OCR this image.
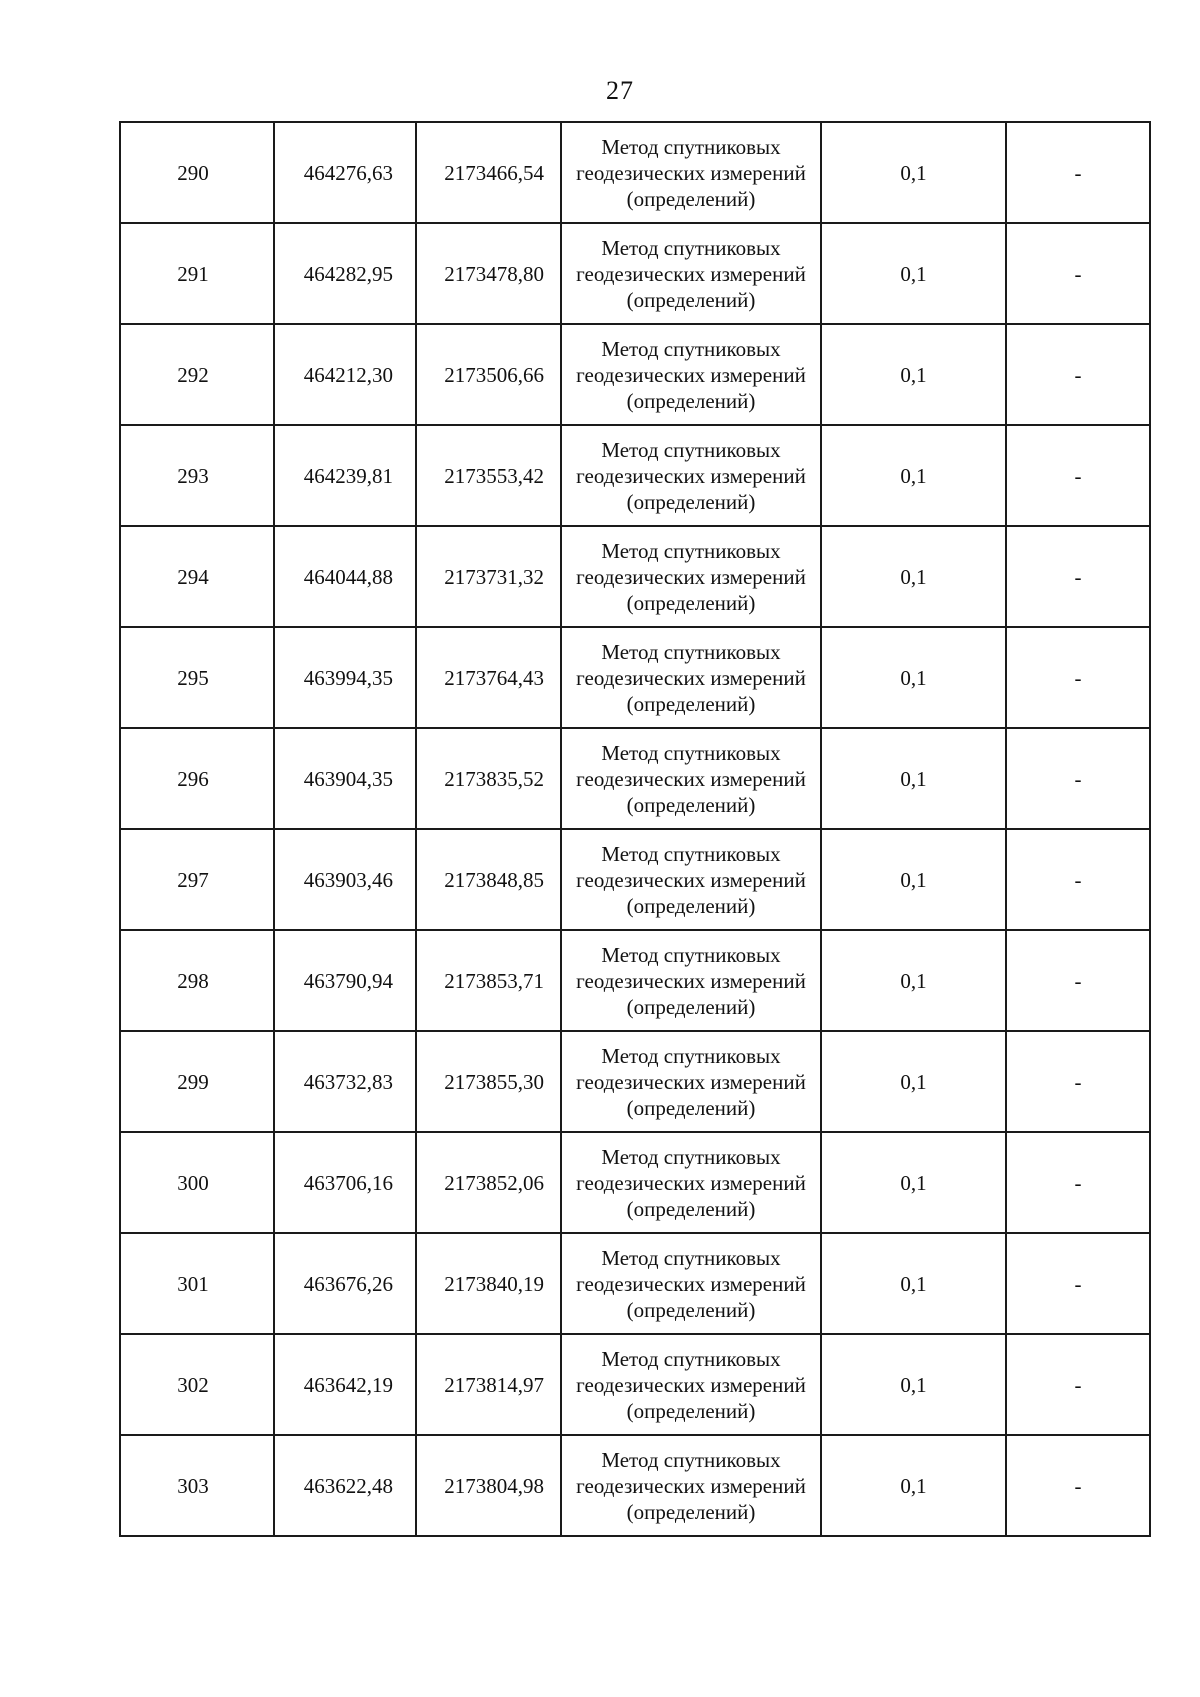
27
290	464276,63	2173466,54	Метод спутниковых
геодезических измерений
(определений)	0,1	-
291	464282,95	2173478,80	Метод спутниковых
геодезических измерений
(определений)	0,1	-
292	464212,30	2173506,66	Метод спутниковых
геодезических измерений
(определений)	0,1	-
293	464239,81	2173553,42	Метод спутниковых
геодезических измерений
(определений)	0,1	-
294	464044,88	2173731,32	Метод спутниковых
геодезических измерений
(определений)	0,1	-
295	463994,35	2173764,43	Метод спутниковых
геодезических измерений
(определений)	0,1	-
296	463904,35	2173835,52	Метод спутниковых
геодезических измерений
(определений)	0,1	-
297	463903,46	2173848,85	Метод спутниковых
геодезических измерений
(определений)	0,1	-
298	463790,94	2173853,71	Метод спутниковых
геодезических измерений
(определений)	0,1	-
299	463732,83	2173855,30	Метод спутниковых
геодезических измерений
(определений)	0,1	-
300	463706,16	2173852,06	Метод спутниковых
геодезических измерений
(определений)	0,1	-
301	463676,26	2173840,19	Метод спутниковых
геодезических измерений
(определений)	0,1	-
302	463642,19	2173814,97	Метод спутниковых
геодезических измерений
(определений)	0,1	-
303	463622,48	2173804,98	Метод спутниковых
геодезических измерений
(определений)	0,1	-
